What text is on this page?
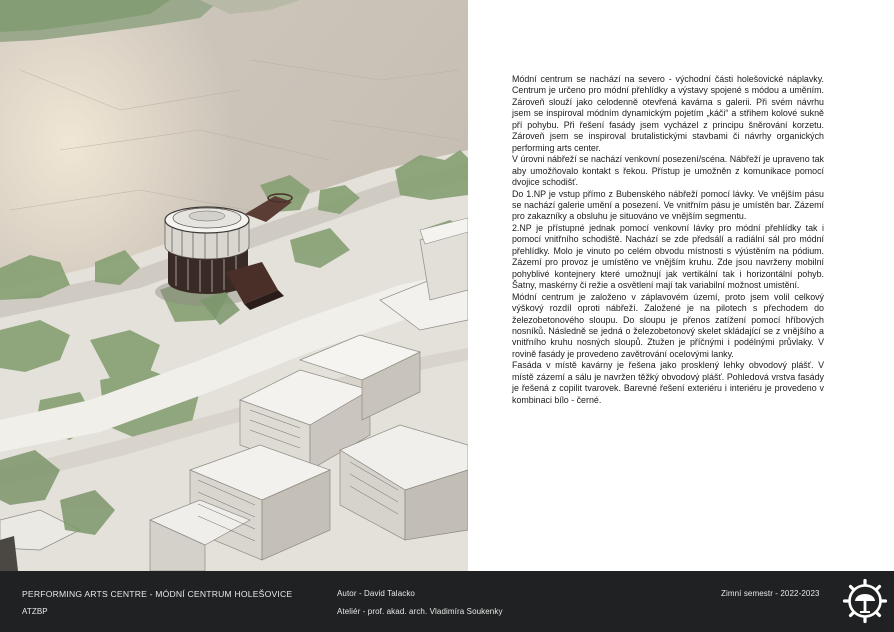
Módní centrum se nachází na severo - východní části holešovické náplavky. Centrum je určeno pro módní přehlídky a výstavy spojené s módou a uměním. Zároveň slouží jako celodenně otevřená kavárna s galerii. Při svém návrhu jsem se inspiroval módním dynamickým pojetím „káči“ a střihem kolové sukně pří pohybu. Při řešení fasády jsem vycházel z principu šněrování korzetu. Zároveň jsem se inspiroval brutalistickými stavbami či návrhy organických performing arts center.

V úrovni nábřeží se nachází venkovní posezení/scéna. Nábřeží je upraveno tak aby umožňovalo kontakt s řekou. Přístup je umožněn z komunikace pomocí dvojice schodišť.

Do 1.NP je vstup přímo z Bubenského nábřeží pomocí lávky. Ve vnějším pásu se nachází galerie umění a posezení. Ve vnitřním pásu je umístěn bar. Zázemí pro zakazníky a obsluhu je situováno ve vnějším segmentu.

2.NP je přístupné jednak pomocí venkovní lávky pro módní přehlídky tak i pomocí vnitřního schodiště. Nachází se zde předsálí a radiální sál pro módní přehlídky. Molo je vinuto po celém obvodu místnosti s výústěním na pódium. Zázemí pro provoz je umístěno ve vnějším kruhu. Zde jsou navrženy mobilní pohyblivé kontejnery které umožnují jak vertikální tak i horizontální pohyb. Šatny, maskérny či režie a osvětlení mají tak variabilní možnost umistění.

Módní centrum je založeno v záplavovém území, proto jsem volil celkový výškový rozdíl oproti nábřeží. Založené je na pilotech s přechodem do železobetonového sloupu. Do sloupu je přenos zatížení pomocí hříbových nosníků. Následně se jedná o železobetonový skelet skládající se z vnějšího a vnitřního kruhu nosných sloupů. Ztužen je příčnými i podélnými průvlaky. V rovině fasády je provedeno zavětrování ocelovými lanky.

Fasáda v místě kavárny je řešena jako prosklený lehky obvodový plášť. V místě zázemí a sálu je navržen těžký obvodový plášť. Pohledová vrstva fasády je řešená z copilit tvarovek. Barevné řešení exteriéru i interiéru je provedeno v kombinaci bílo - černé.

PERFORMING ARTS CENTRE - MÓDNÍ CENTRUM HOLEŠOVICE
ATZBP
Autor - David Talacko
Ateliér - prof. akad. arch. Vladimíra Soukenky
Zimní semestr - 2022-2023
